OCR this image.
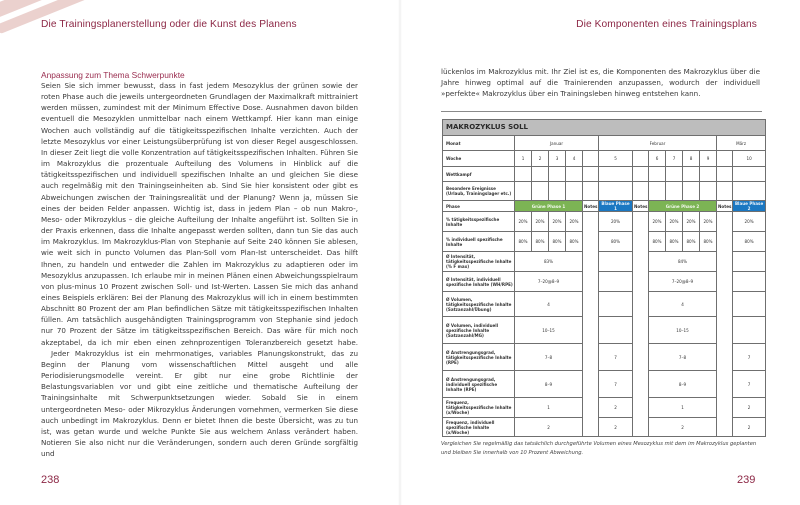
Die Trainingsplanerstellung oder die Kunst des Planens
Anpassung zum Thema Schwerpunkte

Seien Sie sich immer bewusst, dass in fast jedem Mesozyklus der grünen sowie der roten Phase auch die jeweils untergeordneten Grundlagen der Maximalkraft mittrainiert werden müssen, zumindest mit der Minimum Effective Dose. Ausnahmen davon bilden eventuell die Mesozyklen unmittelbar nach einem Wettkampf. Hier kann man einige Wochen auch vollständig auf die tätigkeitsspezifischen Inhalte verzichten. Auch der letzte Mesozyklus vor einer Leistungsüberprüfung ist von dieser Regel ausgeschlossen. In dieser Zeit liegt die volle Konzentration auf tätigkeitsspezifischen Inhalten. Führen Sie im Makrozyklus die prozentuale Aufteilung des Volumens in Hinblick auf die tätigkeitsspezifischen und individuell spezifischen Inhalte an und gleichen Sie diese auch regelmäßig mit den Trainingseinheiten ab. Sind Sie hier konsistent oder gibt es Abweichungen zwischen der Trainingsrealität und der Planung? Wenn ja, müssen Sie eines der beiden Felder anpassen. Wichtig ist, dass in jedem Plan – ob nun Makro-, Meso- oder Mikrozyklus – die gleiche Aufteilung der Inhalte angeführt ist. Sollten Sie in der Praxis erkennen, dass die Inhalte angepasst werden sollten, dann tun Sie das auch im Makrozyklus. Im Makrozyklus-Plan von Stephanie auf Seite 240 können Sie ablesen, wie weit sich in puncto Volumen das Plan-Soll vom Plan-Ist unterscheidet. Das hilft Ihnen, zu handeln und entweder die Zahlen im Makrozyklus zu adaptieren oder im Mesozyklus anzupassen. Ich erlaube mir in meinen Plänen einen Abweichungsspielraum von plus-minus 10 Prozent zwischen Soll- und Ist-Werten. Lassen Sie mich das anhand eines Beispiels erklären: Bei der Planung des Makrozyklus will ich in einem bestimmten Abschnitt 80 Prozent der am Plan befindlichen Sätze mit tätigkeitsspezifischen Inhalten füllen. Am tatsächlich ausgehändigten Trainingsprogramm von Stephanie sind jedoch nur 70 Prozent der Sätze im tätigkeitsspezifischen Bereich. Das wäre für mich noch akzeptabel, da ich mir eben einen zehnprozentigen Toleranzbereich gesetzt habe.

Jeder Makrozyklus ist ein mehrmonatiges, variables Planungskonstrukt, das zu Beginn der Planung vom wissenschaftlichen Mittel ausgeht und alle Periodisierungsmodelle vereint. Er gibt nur eine grobe Richtlinie der Belastungsvariablen vor und gibt eine zeitliche und thematische Aufteilung der Trainingsinhalte mit Schwerpunktsetzungen wieder. Sobald Sie in einem untergeordneten Meso- oder Mikrozyklus Änderungen vornehmen, vermerken Sie diese auch unbedingt im Makrozyklus. Denn er bietet Ihnen die beste Übersicht, was zu tun ist, was getan wurde und welche Punkte Sie aus welchem Anlass verändert haben. Notieren Sie also nicht nur die Veränderungen, sondern auch deren Gründe sorgfältig und

238
Die Komponenten eines Trainingsplans

lückenlos im Makrozyklus mit. Ihr Ziel ist es, die Komponenten des Makrozyklus über die Jahre hinweg optimal auf die Trainierenden anzupassen, wodurch der individuell »perfekte« Makrozyklus über ein Trainingsleben hinweg entstehen kann.

MAKROZYKLUS SOLL													
Monat	Januar					Februar						März	
Woche	1	2	3	4		5		6	7	8	9		10
Wettkampf													
Besondere Ereignisse (Urlaub, Trainingslager etc.)													
Phase	Grüne Phase 1				Notes	Blaue Phase 1	Notes	Grüne Phase 2				Notes	Blaue Phase 2
% tätigkeitsspezifische Inhalte	20%	20%	20%	20%		20%		20%	20%	20%	20%		20%
% individuell spezifische Inhalte	80%	80%	80%	80%		80%		80%	80%	80%	80%		80%
Ø Intensität, tätigkeitsspezifische Inhalte (% F max)	83%							84%					
Ø Intensität, individuell spezifische Inhalte (WH/RPE)	7–20@8–9							7–20@8–9					
Ø Volumen, tätigkeitsspezifische Inhalte (Satzanzahl/Übung)	4							4					
Ø Volumen, individuell spezifische Inhalte (Satzanzahl/MG)	10–15							10–15					
Ø Anstrengungsgrad, tätigkeitsspezifische Inhalte (RPE)	7–8					7		7–8					7
Ø Anstrengungsgrad, individuell spezifische Inhalte (RPE)	8–9					7		8–9					7
Frequenz, tätigkeitsspezifische Inhalte (x/Woche)	1					2		1					2
Frequenz, individuell spezifische Inhalte (x/Woche)	2					2		2					2
Vergleichen Sie regelmäßig das tatsächlich durchgeführte Volumen eines Mesozyklus mit dem im Makrozyklus geplanten und bleiben Sie innerhalb von 10 Prozent Abweichung.
239
